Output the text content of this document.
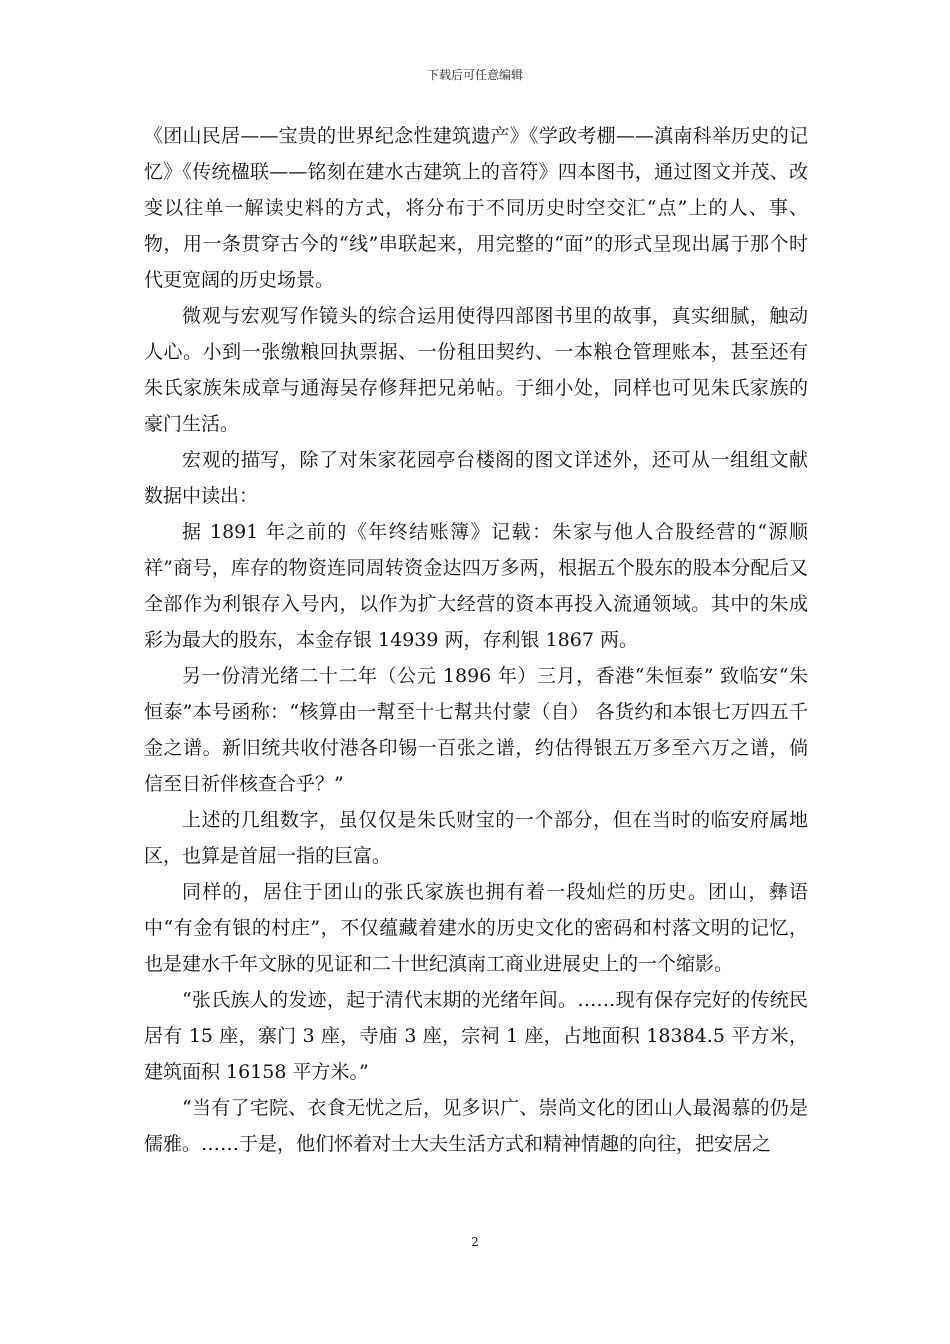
下载后可任意编辑

《团山民居——宝贵的世界纪念性建筑遗产》《学政考棚——滇南科举历史的记忆》《传统楹联——铭刻在建水古建筑上的音符》四本图书，通过图文并茂、改变以往单一解读史料的方式，将分布于不同历史时空交汇“点”上的人、事、物，用一条贯穿古今的“线”串联起来，用完整的“面”的形式呈现出属于那个时代更宽阔的历史场景。

微观与宏观写作镜头的综合运用使得四部图书里的故事，真实细腻，触动人心。小到一张缴粮回执票据、一份租田契约、一本粮仓管理账本，甚至还有朱氏家族朱成章与通海吴存修拜把兄弟帖。于细小处，同样也可见朱氏家族的豪门生活。

宏观的描写，除了对朱家花园亭台楼阁的图文详述外，还可从一组组文献数据中读出：

据 1891 年之前的《年终结账簿》记载：朱家与他人合股经营的“源顺祥”商号，库存的物资连同周转资金达四万多两，根据五个股东的股本分配后又全部作为利银存入号内，以作为扩大经营的资本再投入流通领域。其中的朱成彩为最大的股东，本金存银 14939 两，存利银 1867 两。

另一份清光绪二十二年（公元 1896 年）三月，香港“朱恒泰” 致临安“朱恒泰”本号函称：“核算由一幫至十七幫共付蒙（自） 各货约和本银七万四五千金之谱。新旧统共收付港各印锡一百张之谱，约估得银五万多至六万之谱，倘信至日祈伴核查合乎？”

上述的几组数字，虽仅仅是朱氏财宝的一个部分，但在当时的临安府属地区，也算是首屈一指的巨富。

同样的，居住于团山的张氏家族也拥有着一段灿烂的历史。团山，彝语中“有金有银的村庄”，不仅蕴藏着建水的历史文化的密码和村落文明的记忆，也是建水千年文脉的见证和二十世纪滇南工商业进展史上的一个缩影。

“张氏族人的发迹，起于清代末期的光绪年间。……现有保存完好的传统民居有 15 座，寨门 3 座，寺庙 3 座，宗祠 1 座，占地面积 18384.5 平方米，建筑面积 16158 平方米。”

“当有了宅院、衣食无忧之后，见多识广、崇尚文化的团山人最渴慕的仍是儒雅。……于是，他们怀着对士大夫生活方式和精神情趣的向往，把安居之

2
